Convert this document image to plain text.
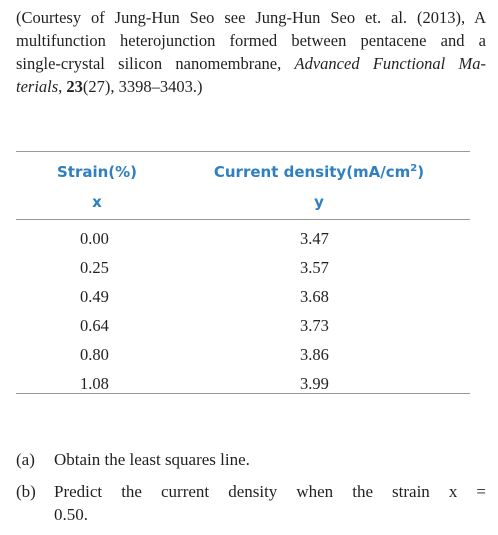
(Courtesy of Jung-Hun Seo see Jung-Hun Seo et. al. (2013), A
multifunction heterojunction formed between pentacene and a
single-crystal silicon nanomembrane, Advanced Functional Ma-
terials, 23(27), 3398–3403.)
Strain(%)	Current $density(mA/cm^2)$
x	y
0.00	3.47
0.25	3.57
0.49	3.68
0.64	3.73
0.80	3.86
1.08	3.99
(a) Obtain the least squares line.
(b) Predict the current density when the strain x =
0.50.
